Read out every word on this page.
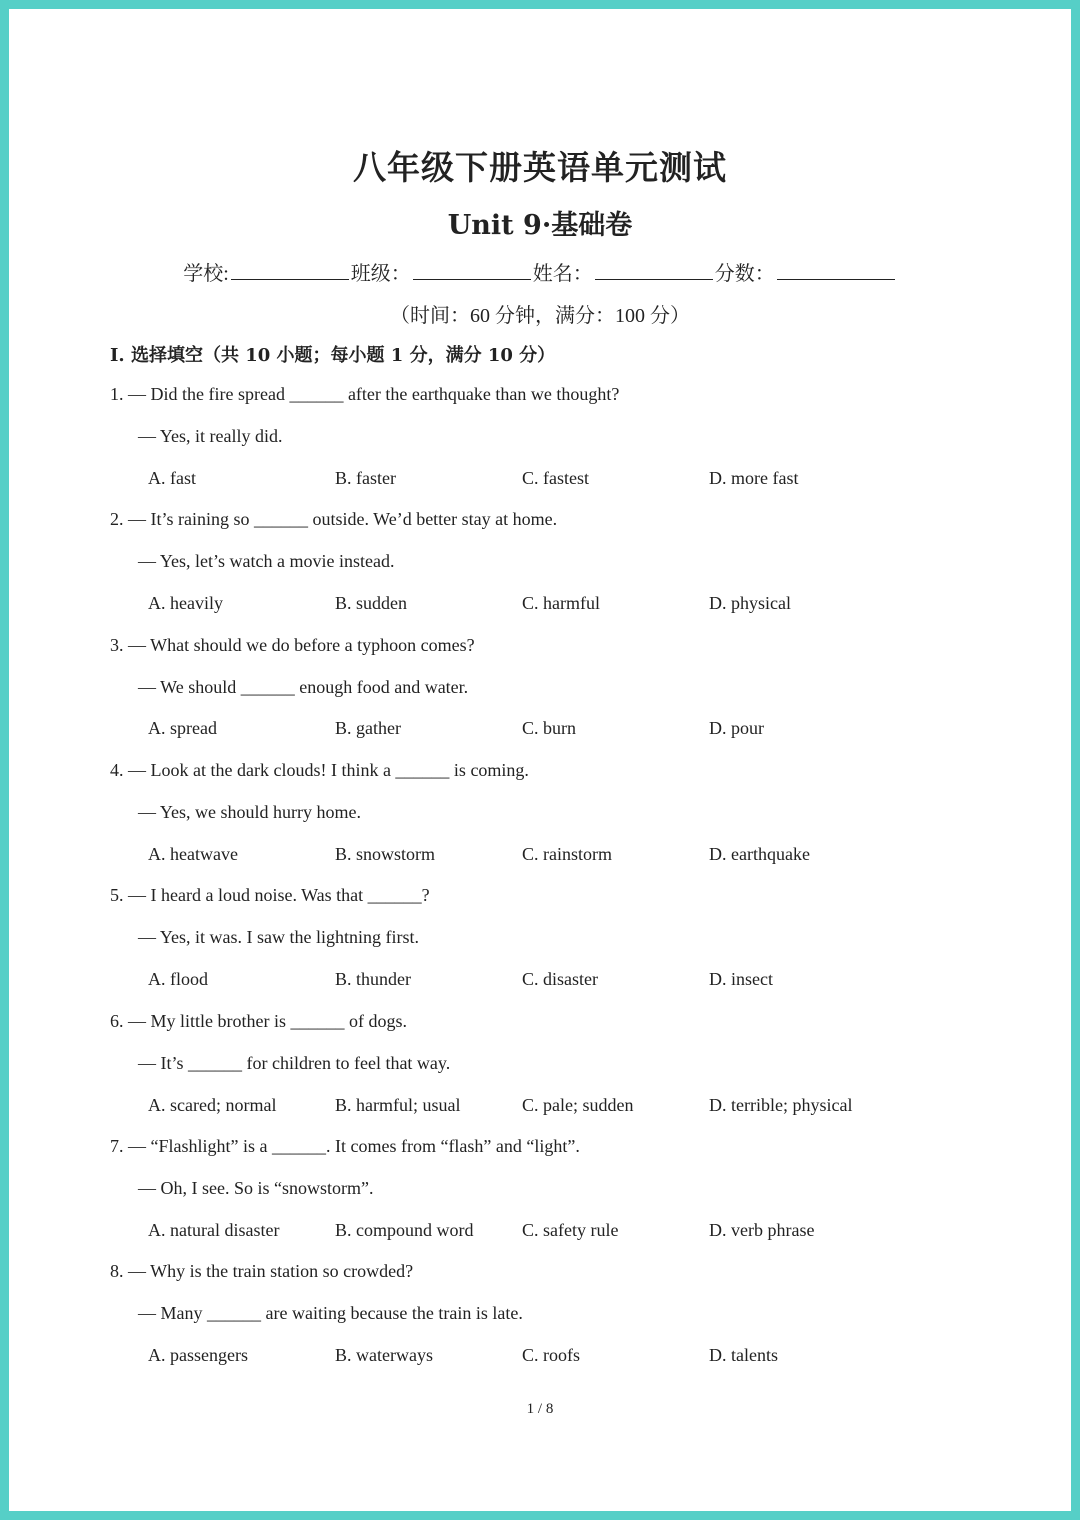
八年级下册英语单元测试
Unit 9·基础卷
学校:	班级：	姓名：	分数：
（时间：60 分钟，满分：100 分）
I. 选择填空（共 10 小题；每小题 1 分，满分 10 分）
1. — Did the fire spread ______ after the earthquake than we thought?
— Yes, it really did.
A. fast	B. faster	C. fastest	D. more fast
2. — It’s raining so ______ outside. We’d better stay at home.
— Yes, let’s watch a movie instead.
A. heavily	B. sudden	C. harmful	D. physical
3. — What should we do before a typhoon comes?
— We should ______ enough food and water.
A. spread	B. gather	C. burn	D. pour
4. — Look at the dark clouds! I think a ______ is coming.
— Yes, we should hurry home.
A. heatwave	B. snowstorm	C. rainstorm	D. earthquake
5. — I heard a loud noise. Was that ______?
— Yes, it was. I saw the lightning first.
A. flood	B. thunder	C. disaster	D. insect
6. — My little brother is ______ of dogs.
— It’s ______ for children to feel that way.
A. scared; normal	B. harmful; usual	C. pale; sudden	D. terrible; physical
7. — “Flashlight” is a ______. It comes from “flash” and “light”.
— Oh, I see. So is “snowstorm”.
A. natural disaster	B. compound word	C. safety rule	D. verb phrase
8. — Why is the train station so crowded?
— Many ______ are waiting because the train is late.
A. passengers	B. waterways	C. roofs	D. talents
1 / 8
